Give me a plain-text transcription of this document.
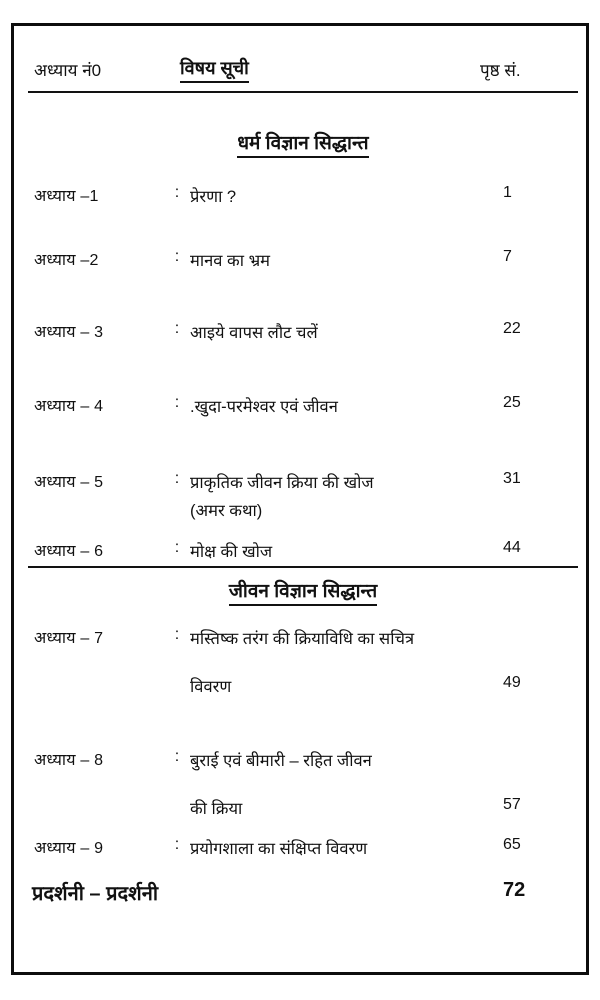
अध्याय नं0	विषय सूची	पृष्ठ सं.
धर्म विज्ञान सिद्धान्त
अध्याय –1	: प्रेरणा ?	1
अध्याय –2	: मानव का भ्रम	7
अध्याय – 3	: आइये वापस लौट चलें	22
अध्याय – 4	: .खुदा-परमेश्वर एवं जीवन	25
अध्याय – 5	: प्राकृतिक जीवन क्रिया की खोज	31
(अमर कथा)
अध्याय – 6	: मोक्ष की खोज	44
जीवन विज्ञान सिद्धान्त
अध्याय – 7	: मस्तिष्क तरंग की क्रियाविधि का सचित्र
विवरण	49
अध्याय – 8	: बुराई एवं बीमारी – रहित जीवन
की क्रिया	57
अध्याय – 9	: प्रयोगशाला का संक्षिप्त विवरण	65
प्रदर्शनी – प्रदर्शनी	72
